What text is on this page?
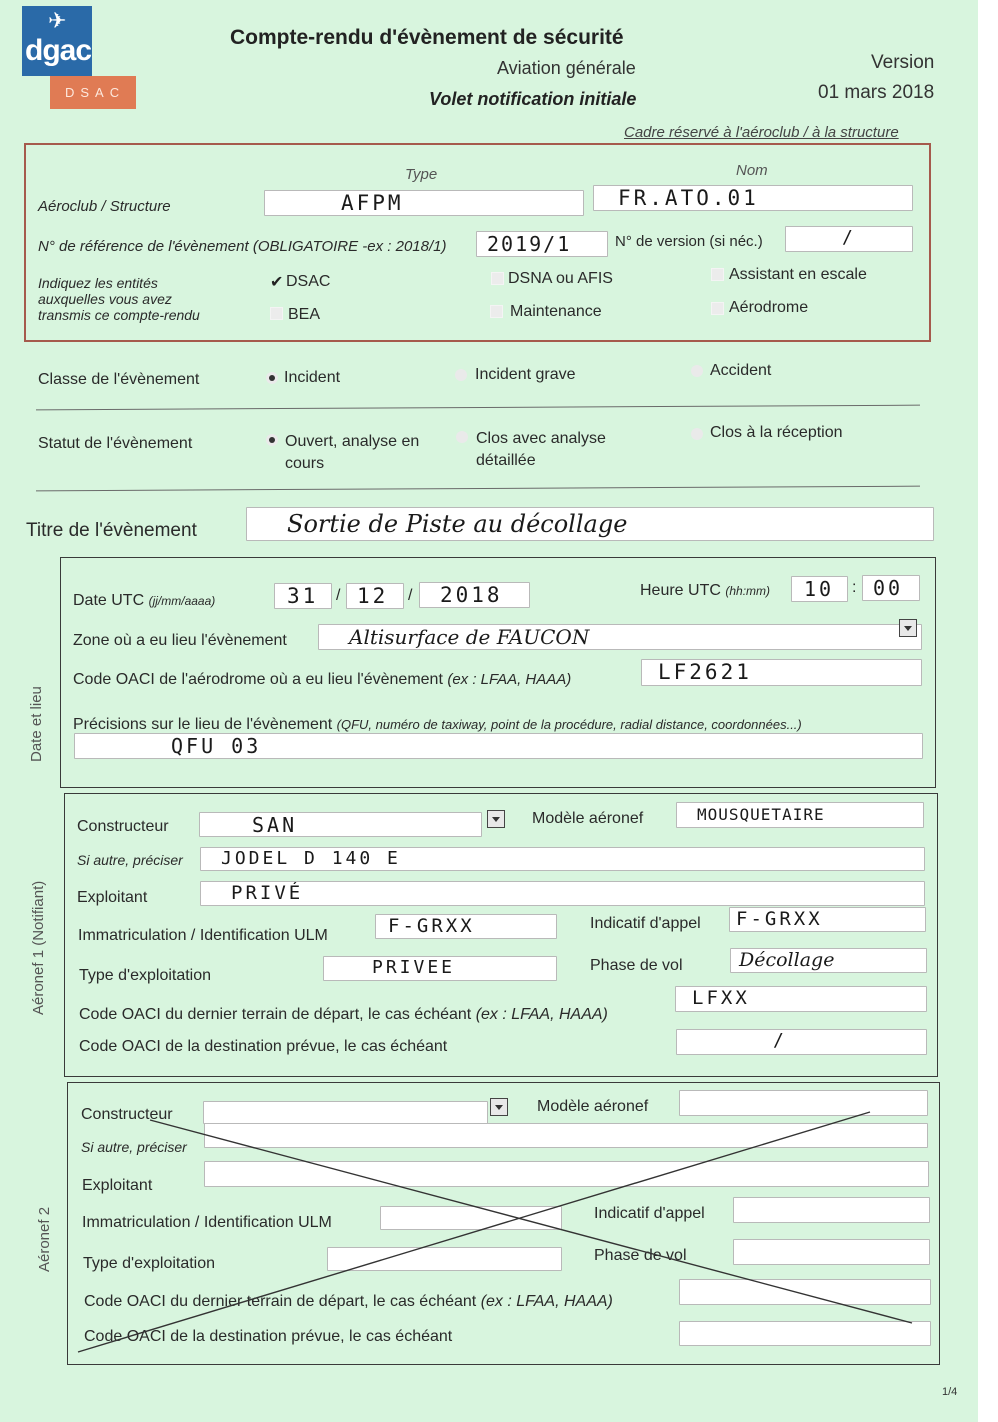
✈
dgac
DSAC
Compte-rendu d'évènement de sécurité
Aviation générale
Volet notification initiale
Version
01 mars 2018
Cadre réservé à l'aéroclub / à la structure
Type	Nom
Aéroclub / Structure	AFPM	FR.ATO.01
N° de référence de l'évènement (OBLIGATOIRE -ex : 2018/1) 2019/1	N° de version (si néc.)	/
Indiquez les entités
auxquelles vous avez
transmis ce compte-rendu
✔ DSAC	DSNA ou AFIS	Assistant en escale
BEA	Maintenance	Aérodrome
Classe de l'évènement	Incident	Incident grave	Accident
Statut de l'évènement	Ouvert, analyse en
cours
Clos avec analyse
détaillée
Clos à la réception
Titre de l'évènement	Sortie de Piste au décollage
Date et lieu
Date UTC (jj/mm/aaaa)	31 / 12 / 2018	Heure UTC (hh:mm) 10 : 00
Zone où a eu lieu l'évènement	Altisurface de FAUCON
Code OACI de l'aérodrome où a eu lieu l'évènement (ex : LFAA, HAAA)	LF2621
Précisions sur le lieu de l'évènement (QFU, numéro de taxiway, point de la procédure, radial distance, coordonnées...)
QFU 03
Aéronef 1 (Notifiant)
Constructeur	SAN	Modèle aéronef	MOUSQUETAIRE
Si autre, préciser JODEL D 140 E
Exploitant	PRIVÉ
Immatriculation / Identification ULM	F-GRXX	Indicatif d'appel F-GRXX
Type d'exploitation	PRIVEE	Phase de vol	Décollage
Code OACI du dernier terrain de départ, le cas échéant (ex : LFAA, HAAA)
LFXX
Code OACI de la destination prévue, le cas échéant	/
Aéronef 2
Constructeur	Modèle aéronef
Si autre, préciser
Exploitant
Immatriculation / Identification ULM
Indicatif d'appel
Type d'exploitation	Phase de vol
Code OACI du dernier terrain de départ, le cas échéant (ex : LFAA, HAAA)
Code OACI de la destination prévue, le cas échéant
1/4
